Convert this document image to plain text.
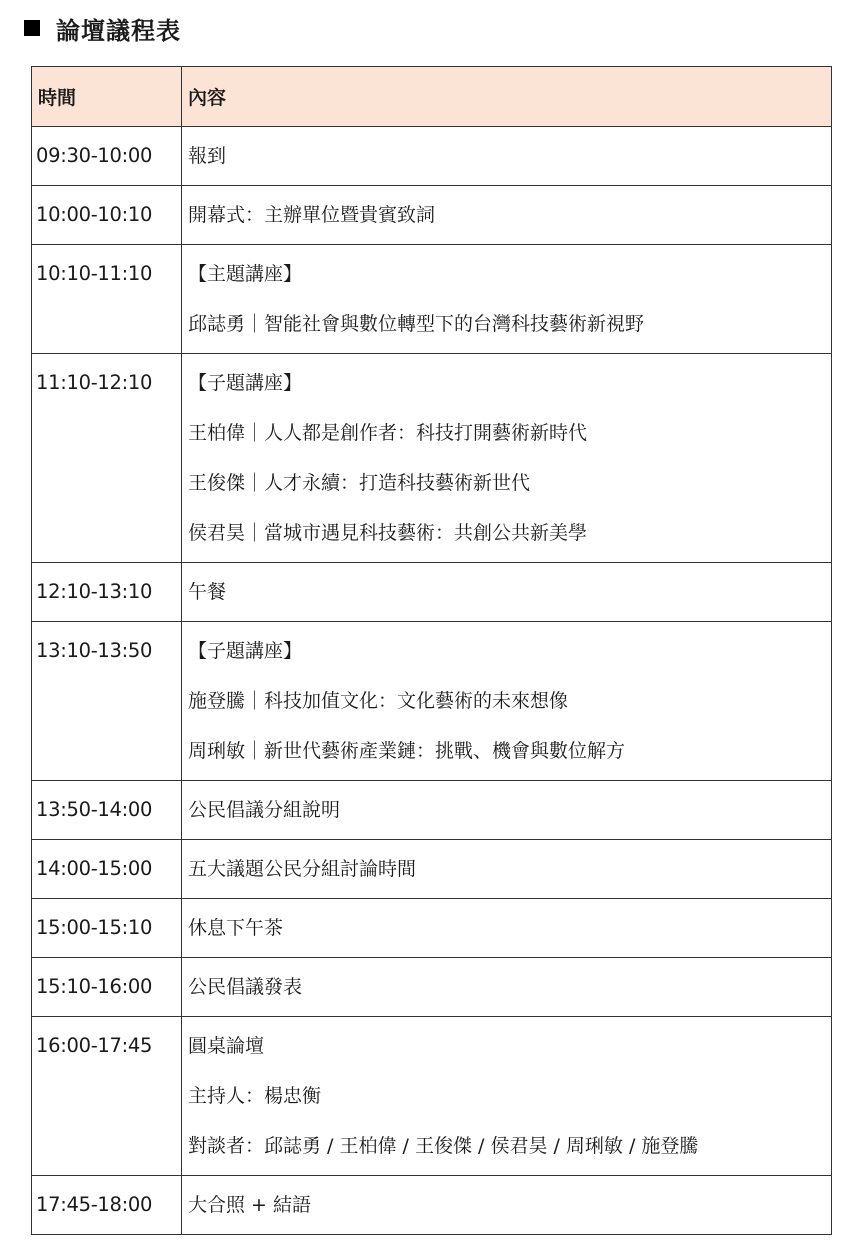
論壇議程表
時間	內容

09:30-10:00	報到

10:00-10:10	開幕式：主辦單位暨貴賓致詞

10:10-11:10	【主題講座】
邱誌勇｜智能社會與數位轉型下的台灣科技藝術新視野

11:10-12:10	【子題講座】
王柏偉｜人人都是創作者：科技打開藝術新時代
王俊傑｜人才永續：打造科技藝術新世代
侯君昊｜當城市遇見科技藝術：共創公共新美學

12:10-13:10	午餐

13:10-13:50	【子題講座】
施登騰｜科技加值文化：文化藝術的未來想像
周琍敏｜新世代藝術產業鏈：挑戰、機會與數位解方

13:50-14:00	公民倡議分組說明

14:00-15:00	五大議題公民分組討論時間

15:00-15:10	休息下午茶

15:10-16:00	公民倡議發表

16:00-17:45	圓桌論壇
主持人：楊忠衡
對談者：邱誌勇 / 王柏偉 / 王俊傑 / 侯君昊 / 周琍敏 / 施登騰

17:45-18:00	大合照 + 結語
